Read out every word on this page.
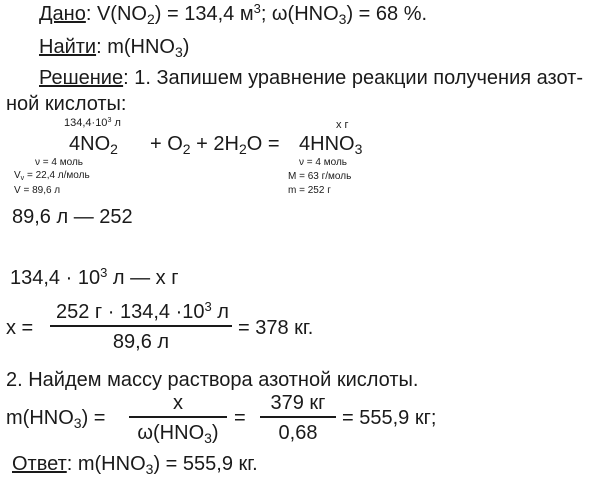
Дано: $V(NO_2) = 134,4$ $м^3$; $\omega(HNO_3) = 68$ %.
Найти: $m(HNO_3)$
Решение: 1. Запишем уравнение реакции получения азот-
ной кислоты:
$134,4\cdot 10^3$ л	х г
$4NO_2 + O_2 + 2H_2O = 4HNO_3$
ν = 4 моль
$V_v = 22,4$ л/моль
V = 89,6 л
ν = 4 моль
M = 63 г/моль
m = 252 г
89,6 л — 252
$134,4 \cdot 10^3$ л — х г
x =
252 $г \cdot 134,4 \cdot 10^3$ л
89,6 л
= 378 кг.
2. Найдем массу раствора азотной кислоты.
$m(HNO_3)$ =
x
$\omega(HNO_3)$
=
379 кг
0,68
= 555,9 кг;
Ответ: $m(HNO_3) = 555,9$ кг.
